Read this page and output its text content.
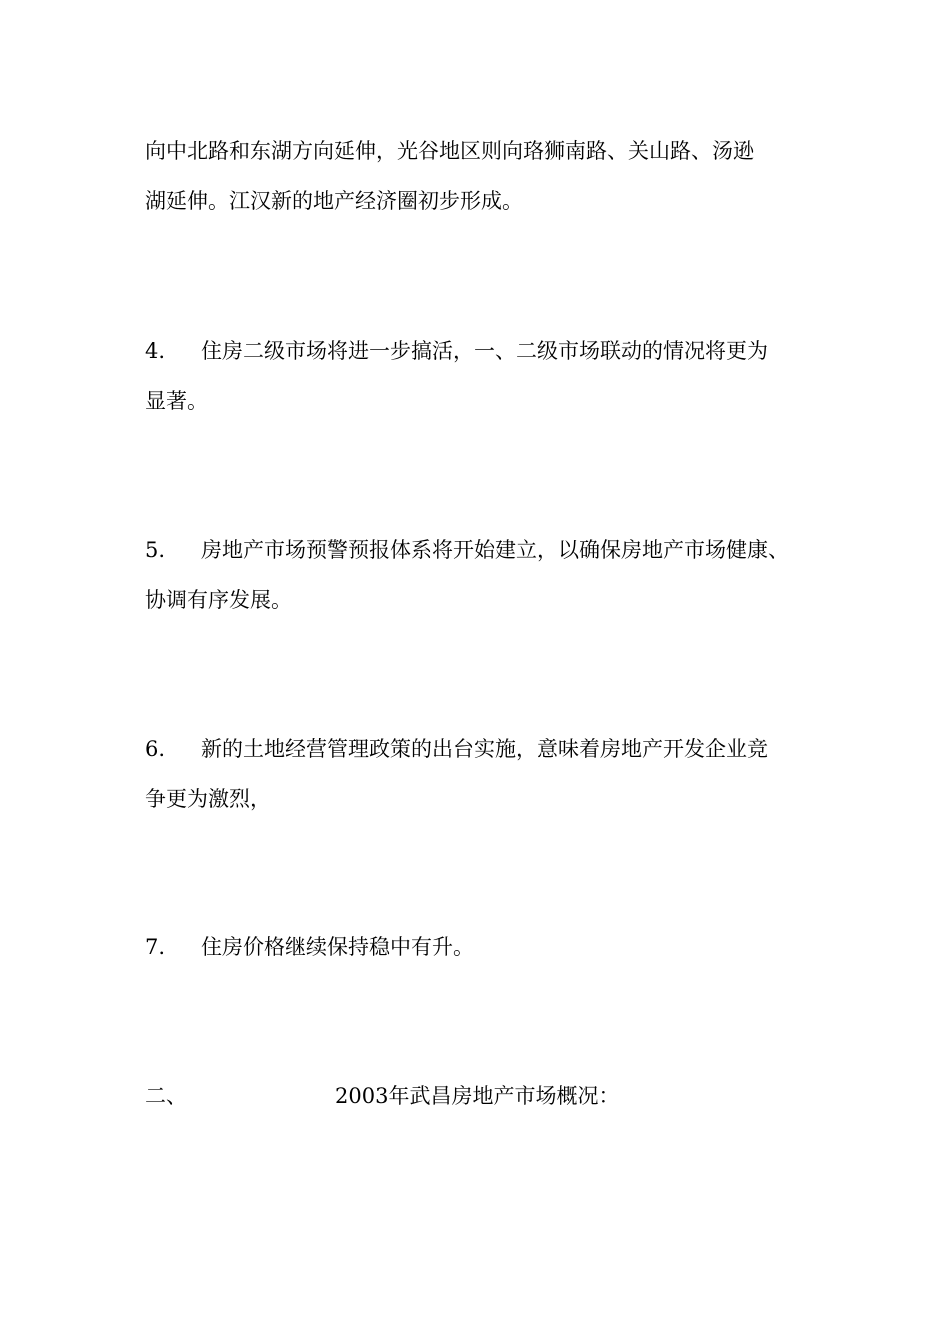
向中北路和东湖方向延伸，光谷地区则向珞狮南路、关山路、汤逊
湖延伸。江汉新的地产经济圈初步形成。
4. 住房二级市场将进一步搞活，一、二级市场联动的情况将更为
显著。
5. 房地产市场预警预报体系将开始建立，以确保房地产市场健康、
协调有序发展。
6. 新的土地经营管理政策的出台实施，意味着房地产开发企业竞
争更为激烈，
7. 住房价格继续保持稳中有升。
二、	2003年武昌房地产市场概况：
